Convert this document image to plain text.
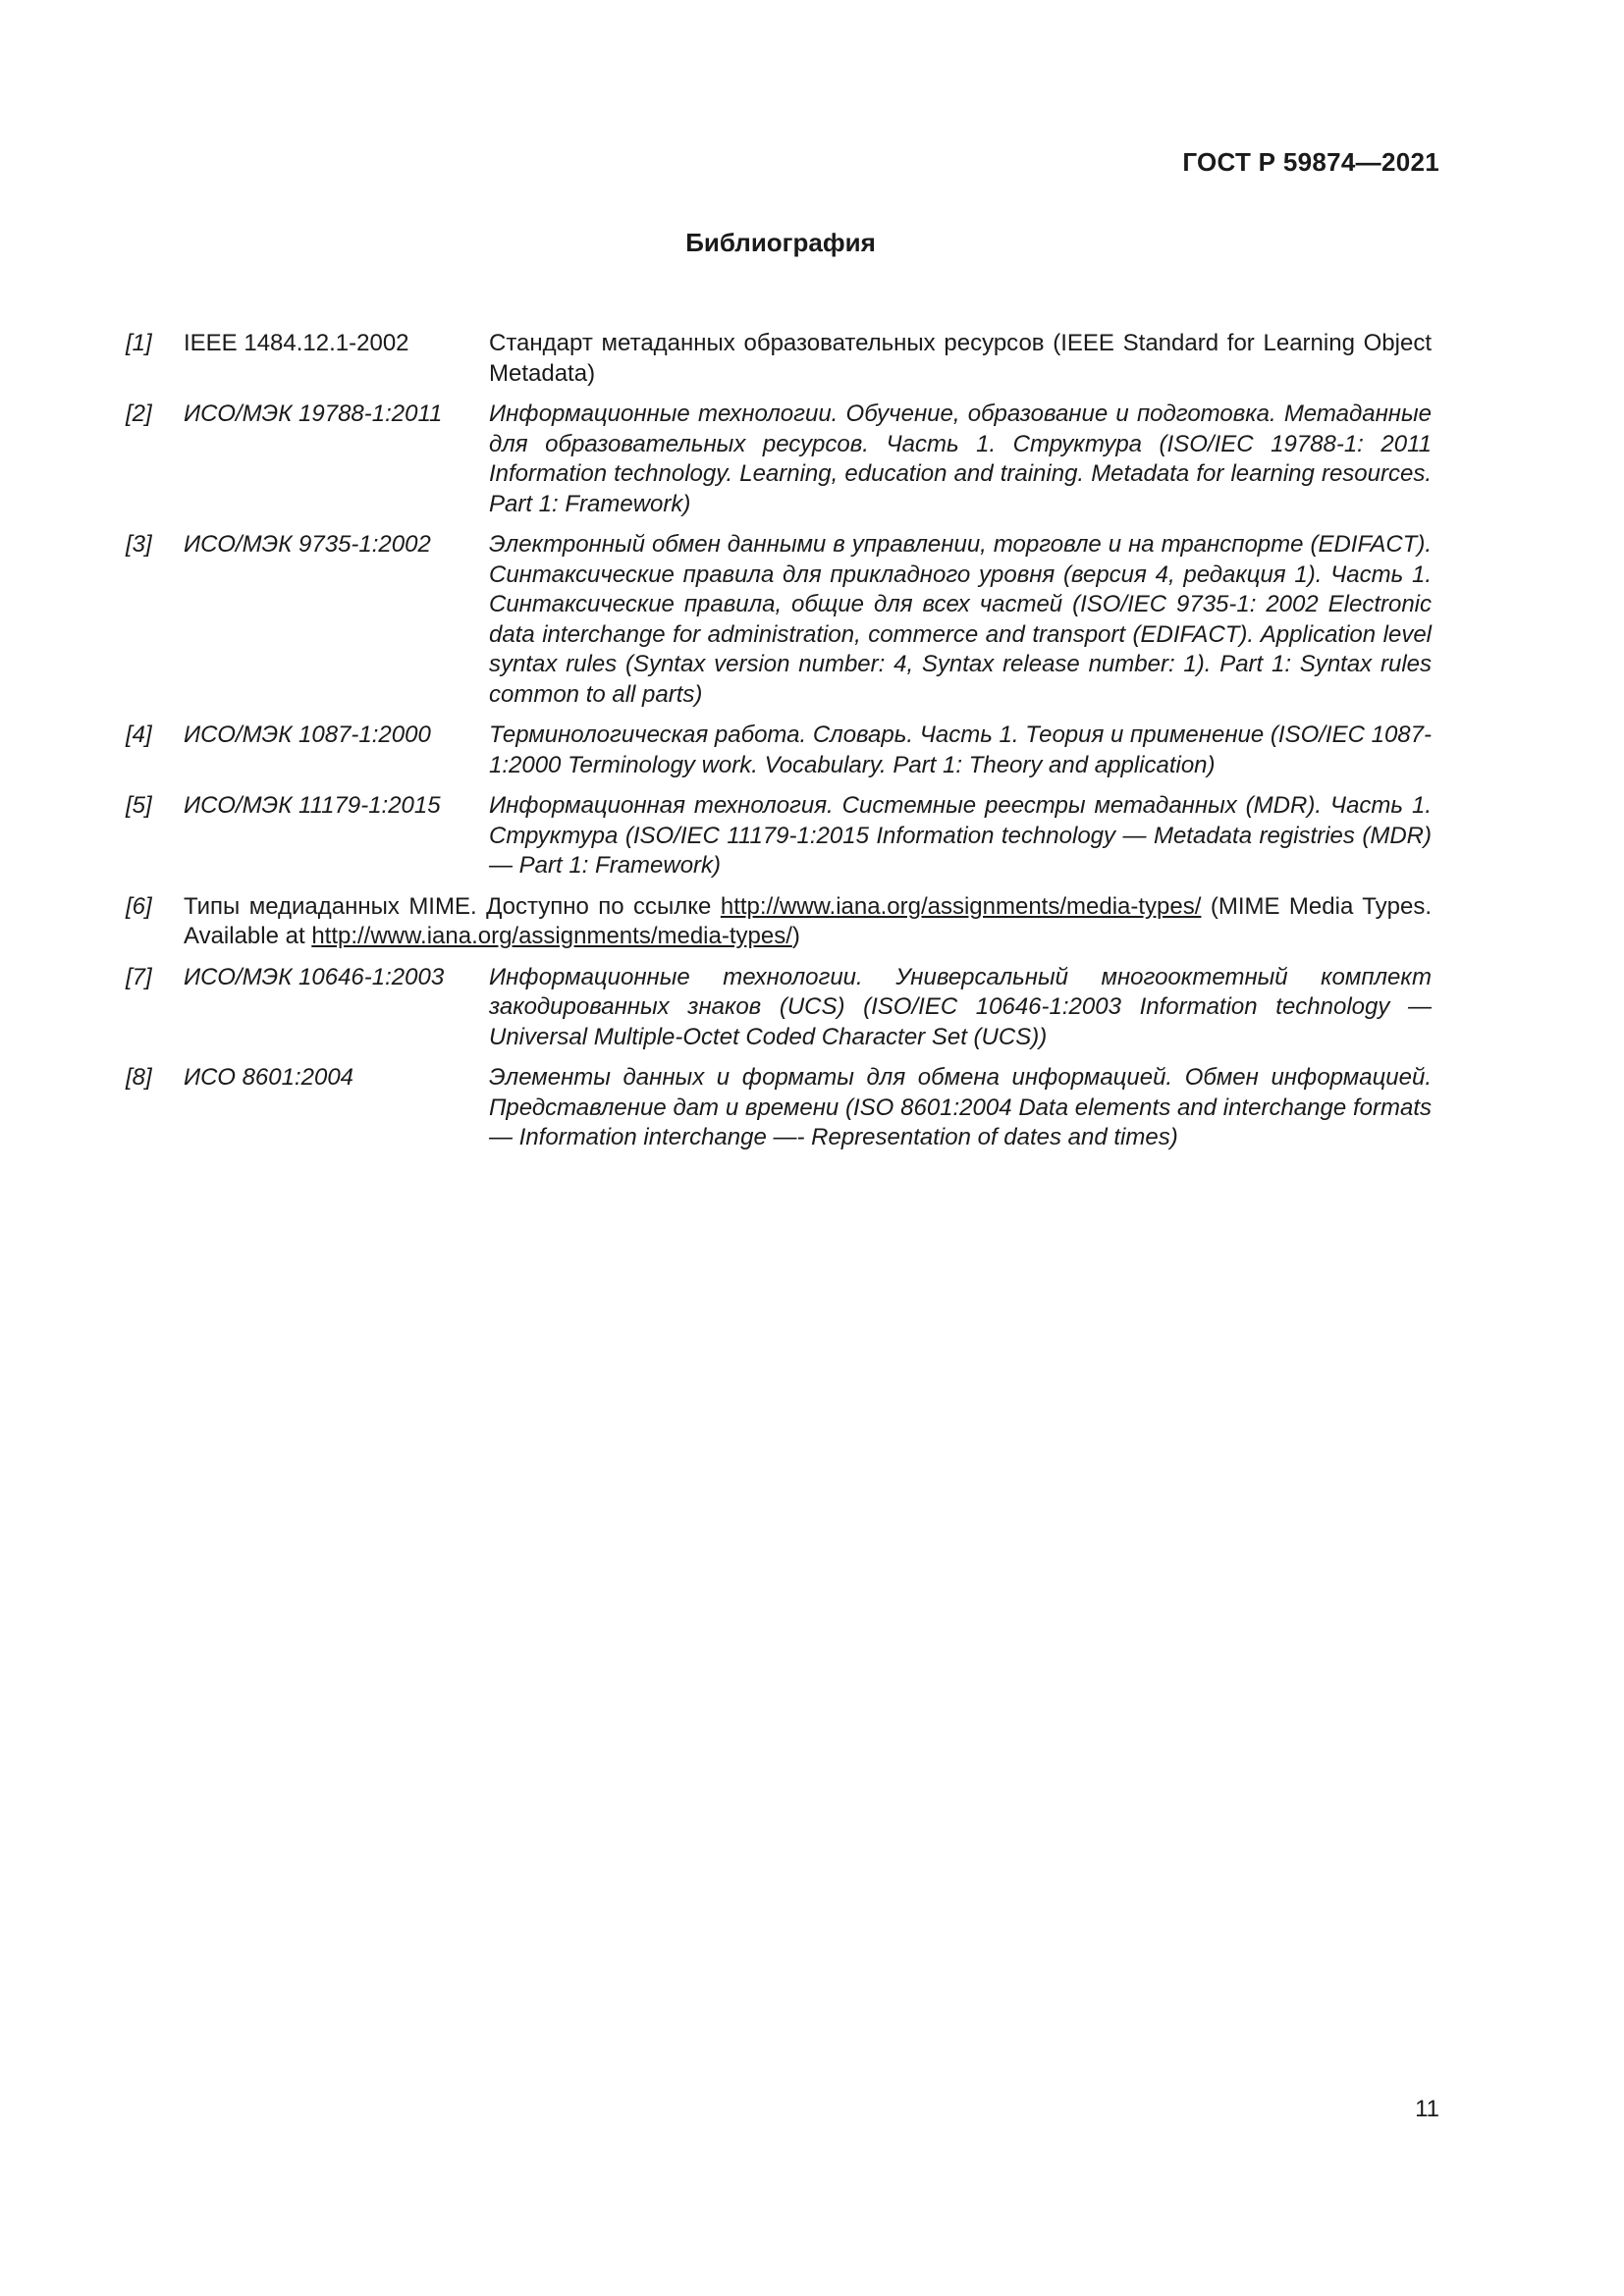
ГОСТ Р 59874—2021
Библиография
[1]	IEEE 1484.12.1-2002	Стандарт метаданных образовательных ресурсов (IEEE Standard for Learning Object Metadata)
[2]	ИСО/МЭК 19788-1:2011	Информационные технологии. Обучение, образование и подготовка. Метаданные для образовательных ресурсов. Часть 1. Структура (ISO/IEC 19788-1: 2011 Information technology. Learning, education and training. Metadata for learning resources. Part 1: Framework)
[3]	ИСО/МЭК 9735-1:2002	Электронный обмен данными в управлении, торговле и на транспорте (EDIFACT). Синтаксические правила для прикладного уровня (версия 4, редакция 1). Часть 1. Синтаксические правила, общие для всех частей (ISO/IEC 9735-1: 2002 Electronic data interchange for administration, commerce and transport (EDIFACT). Application level syntax rules (Syntax version number: 4, Syntax release number: 1). Part 1: Syntax rules common to all parts)
[4]	ИСО/МЭК 1087-1:2000	Терминологическая работа. Словарь. Часть 1. Теория и применение (ISO/IEC 1087-1:2000 Terminology work. Vocabulary. Part 1: Theory and application)
[5]	ИСО/МЭК 11179-1:2015	Информационная технология. Системные реестры метаданных (MDR). Часть 1. Структура (ISO/IEC 11179-1:2015 Information technology — Metadata registries (MDR) — Part 1: Framework)
[6]	Типы медиаданных MIME. Доступно по ссылке http://www.iana.org/assignments/media-types/ (MIME Media Types. Available at http://www.iana.org/assignments/media-types/)
[7]	ИСО/МЭК 10646-1:2003	Информационные технологии. Универсальный многооктетный комплект закодированных знаков (UCS) (ISO/IEC 10646-1:2003 Information technology — Universal Multiple-Octet Coded Character Set (UCS))
[8]	ИСО 8601:2004	Элементы данных и форматы для обмена информацией. Обмен информацией. Представление дат и времени (ISO 8601:2004 Data elements and interchange formats — Information interchange —- Representation of dates and times)
11
